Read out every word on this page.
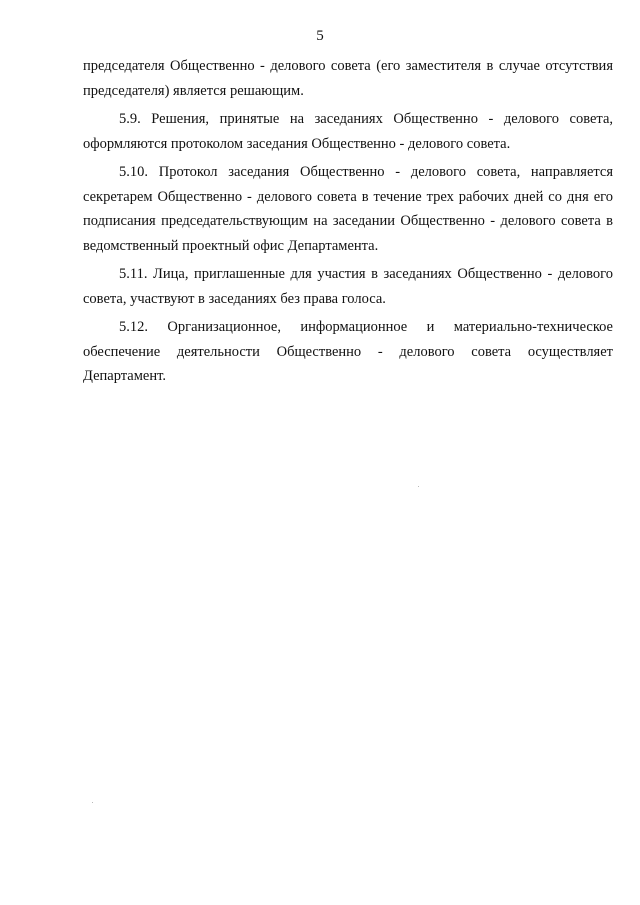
5

председателя Общественно - делового совета (его заместителя в случае отсутствия председателя) является решающим.

5.9. Решения, принятые на заседаниях Общественно - делового совета, оформляются протоколом заседания Общественно - делового совета.

5.10. Протокол заседания Общественно - делового совета, направляется секретарем Общественно - делового совета в течение трех рабочих дней со дня его подписания председательствующим на заседании Общественно - делового совета в ведомственный проектный офис Департамента.

5.11. Лица, приглашенные для участия в заседаниях Общественно - делового совета, участвуют в заседаниях без права голоса.

5.12. Организационное, информационное и материально-техническое обеспечение деятельности Общественно - делового совета осуществляет Департамент.
